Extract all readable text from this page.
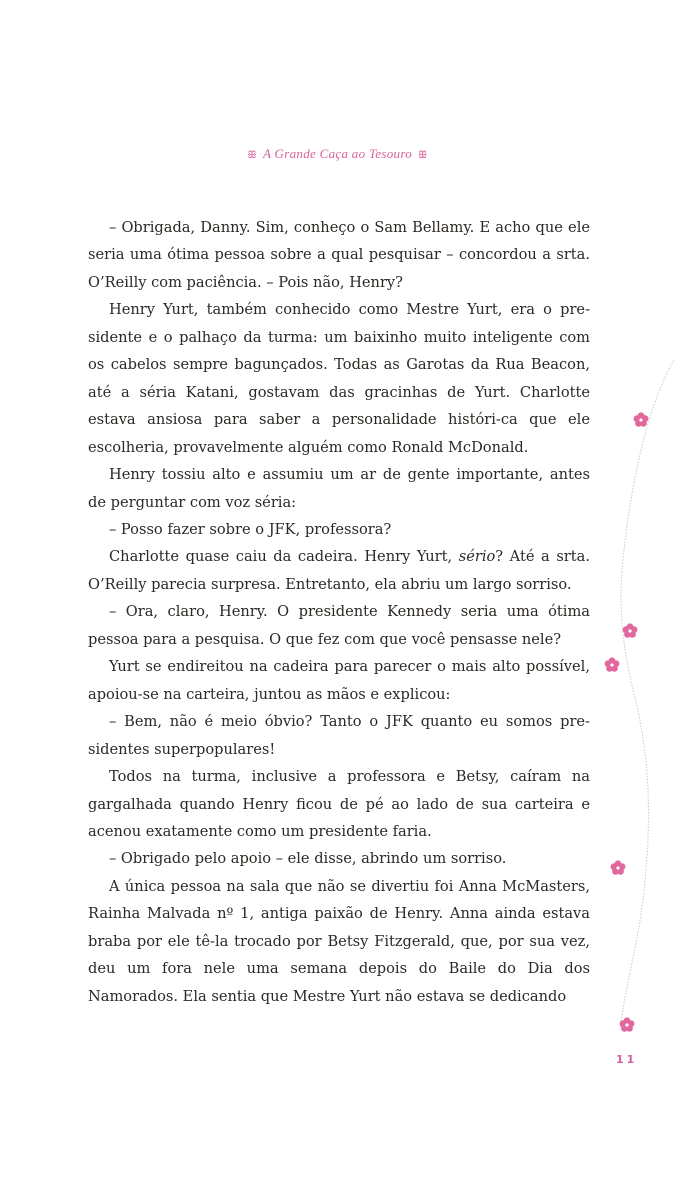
ꕥ A Grande Caça ao Tesouro ꕥ

– Obrigada, Danny. Sim, conheço o Sam Bellamy. E acho que ele seria uma ótima pessoa sobre a qual pesquisar – concordou a srta. O’Reilly com paciência. – Pois não, Henry?

Henry Yurt, também conhecido como Mestre Yurt, era o pre-sidente e o palhaço da turma: um baixinho muito inteligente com os cabelos sempre bagunçados. Todas as Garotas da Rua Beacon, até a séria Katani, gostavam das gracinhas de Yurt. Charlotte estava ansiosa para saber a personalidade históri-ca que ele escolheria, provavelmente alguém como Ronald McDonald.

Henry tossiu alto e assumiu um ar de gente importante, antes de perguntar com voz séria:

– Posso fazer sobre o JFK, professora?

Charlotte quase caiu da cadeira. Henry Yurt, sério? Até a srta. O’Reilly parecia surpresa. Entretanto, ela abriu um largo sorriso.

– Ora, claro, Henry. O presidente Kennedy seria uma ótima pessoa para a pesquisa. O que fez com que você pensasse nele?

Yurt se endireitou na cadeira para parecer o mais alto possível, apoiou-se na carteira, juntou as mãos e explicou:

– Bem, não é meio óbvio? Tanto o JFK quanto eu somos pre-sidentes superpopulares!

Todos na turma, inclusive a professora e Betsy, caíram na gargalhada quando Henry ficou de pé ao lado de sua carteira e acenou exatamente como um presidente faria.

– Obrigado pelo apoio – ele disse, abrindo um sorriso.

A única pessoa na sala que não se divertiu foi Anna McMasters, Rainha Malvada nº 1, antiga paixão de Henry. Anna ainda estava braba por ele tê-la trocado por Betsy Fitzgerald, que, por sua vez, deu um fora nele uma semana depois do Baile do Dia dos Namorados. Ela sentia que Mestre Yurt não estava se dedicando

11
